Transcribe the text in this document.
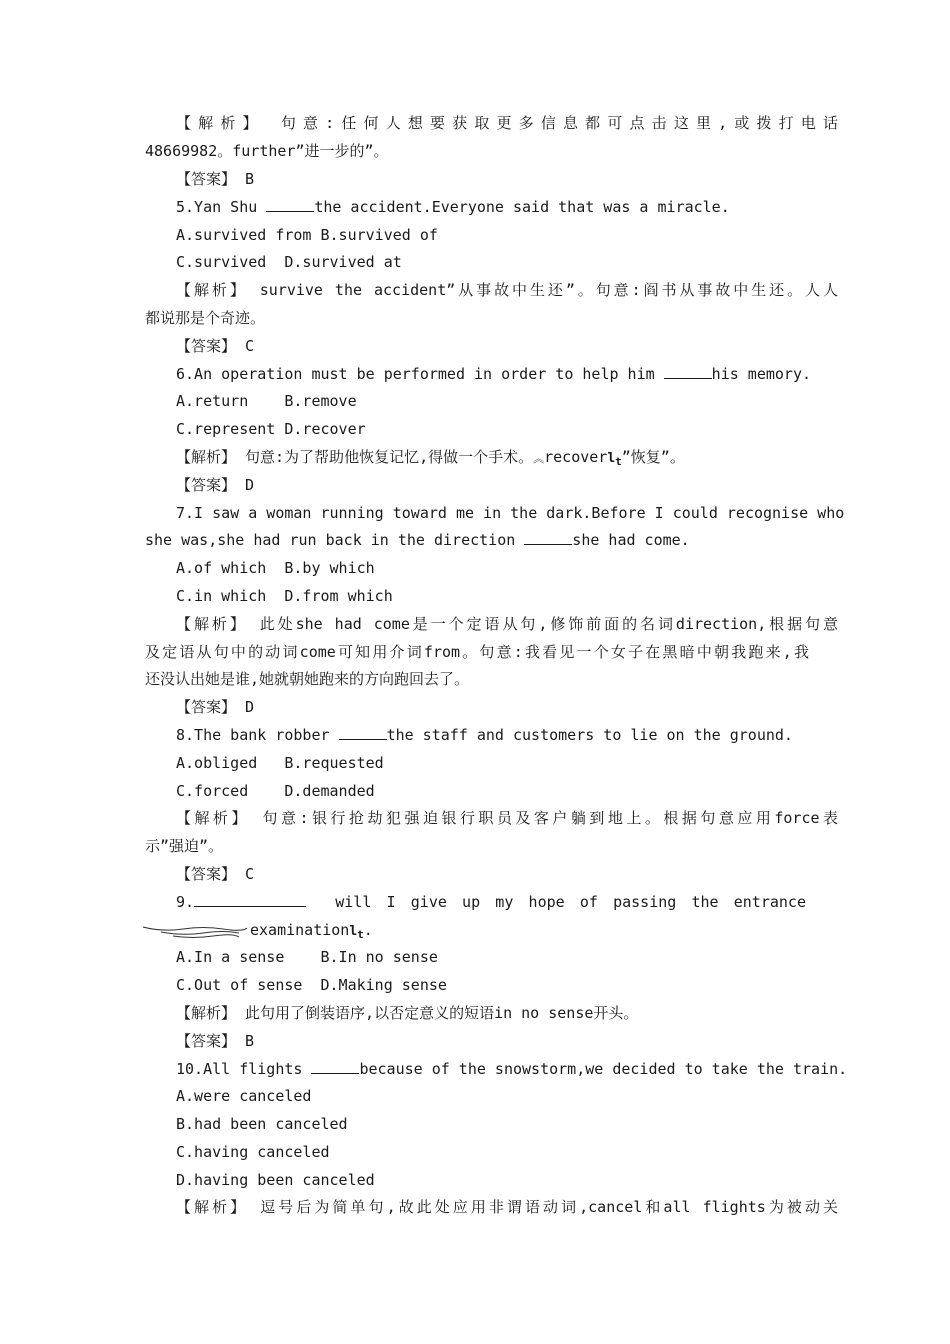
【解析】 句意:任何人想要获取更多信息都可点击这里,或拨打电话
48669982。further”进一步的”。
【答案】 B
5.Yan Shu	the accident.Everyone said that was a miracle.
A.survived from B.survived of
C.survived  D.survived at
【解析】 survive the accident”从事故中生还”。句意:阎书从事故中生还。人人
都说那是个奇迹。
【答案】 C
6.An operation must be performed in order to help him	his memory.
A.return    B.remove
C.represent D.recover
【解析】 句意:为了帮助他恢复记忆,得做一个手术。︽recoverl$_t$”恢复”。
【答案】 D
7.I saw a woman running toward me in the dark.Before I could recognise who
she was,she had run back in the direction	she had come.
A.of which  B.by which
C.in which  D.from which
【解析】 此处she had come是一个定语从句,修饰前面的名词direction,根据句意
及定语从句中的动词come可知用介词from。句意:我看见一个女子在黑暗中朝我跑来,我
还没认出她是谁,她就朝她跑来的方向跑回去了。
【答案】 D
8.The bank robber	the staff and customers to lie on the ground.
A.obliged   B.requested
C.forced    D.demanded
【解析】 句意:银行抢劫犯强迫银行职员及客户躺到地上。根据句意应用force表
示”强迫”。
【答案】 C
9.	will I give up my hope of passing the entrance
examinationl$_t$.
A.In a sense    B.In no sense
C.Out of sense  D.Making sense
【解析】 此句用了倒装语序,以否定意义的短语in no sense开头。
【答案】 B
10.All flights	because of the snowstorm,we decided to take the train.
A.were canceled
B.had been canceled
C.having canceled
D.having been canceled
【解析】 逗号后为简单句,故此处应用非谓语动词,cancel和all flights为被动关
